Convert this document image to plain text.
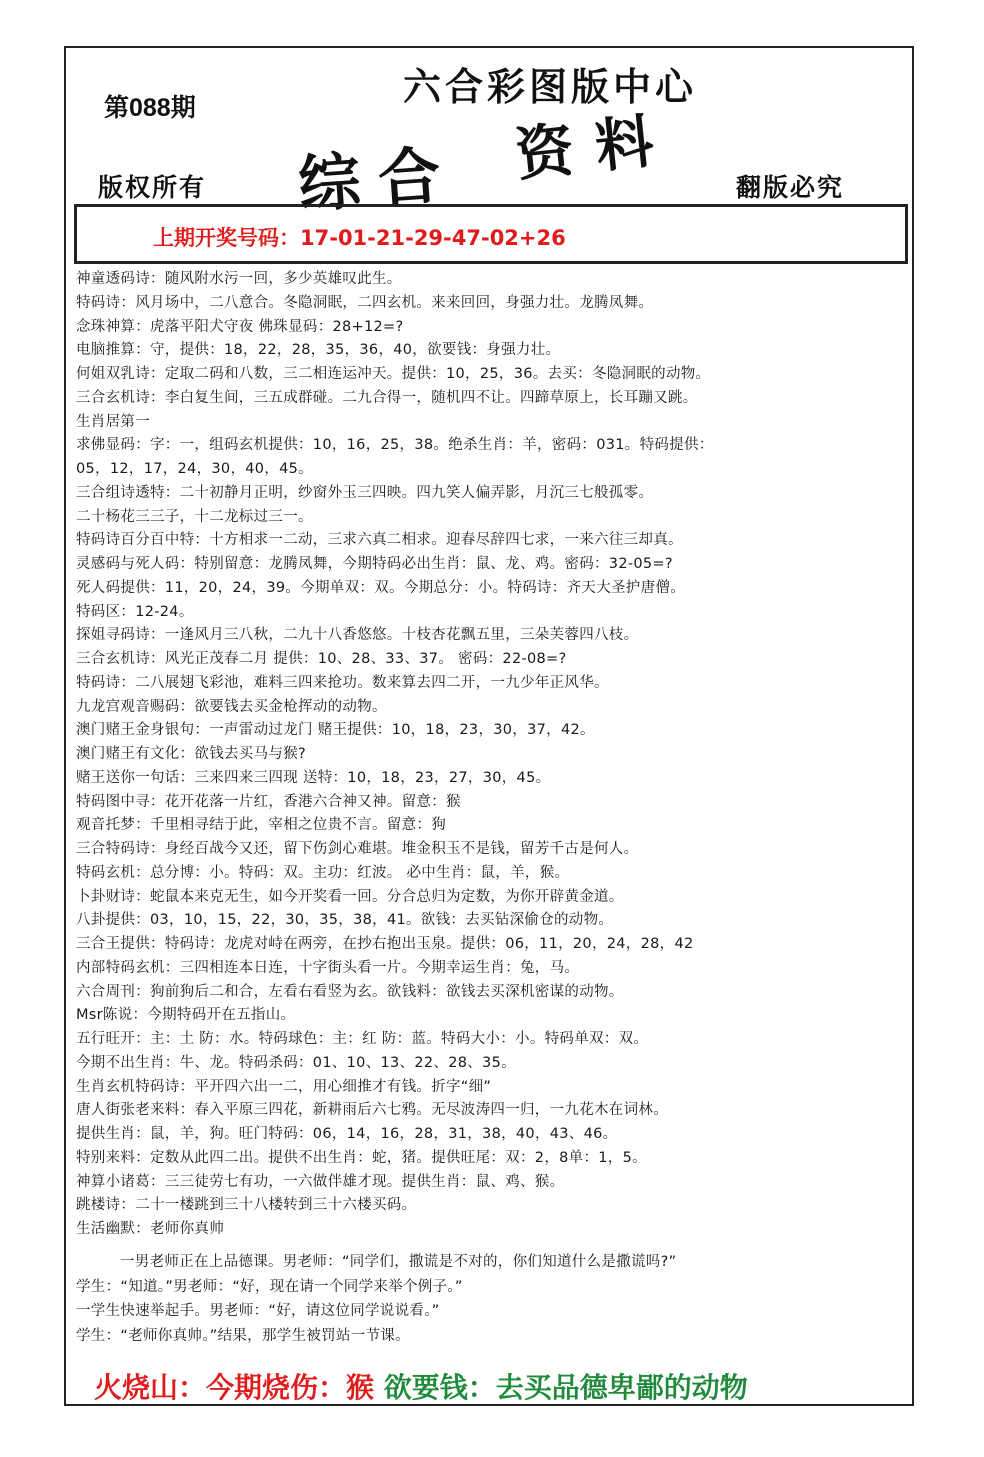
第088期	六合彩图版中心
综合 资料
版权所有	翻版必究
上期开奖号码：17-01-21-29-47-02+26
神童透码诗：随风附水污一回，多少英雄叹此生。
特码诗：风月场中，二八意合。冬隐洞眠，二四玄机。来来回回，身强力壮。龙腾凤舞。
念珠神算：虎落平阳犬守夜 佛珠显码：28+12=?
电脑推算：守，提供：18，22，28，35，36，40，欲要钱：身强力壮。
何姐双乳诗：定取二码和八数，三二相连运冲天。提供：10，25，36。去买：冬隐洞眠的动物。
三合玄机诗：李白复生间，三五成群碰。二九合得一，随机四不让。四蹄草原上，长耳蹦又跳。
生肖居第一
求佛显码：字：一，组码玄机提供：10，16，25，38。绝杀生肖：羊，密码：031。特码提供：
05，12，17，24，30，40，45。
三合组诗透特：二十初静月正明，纱窗外玉三四映。四九笑人偏弄影，月沉三七般孤零。
二十杨花三三子，十二龙标过三一。
特码诗百分百中特：十方相求一二动，三求六真二相求。迎春尽辞四七求，一来六往三却真。
灵感码与死人码：特别留意：龙腾凤舞，今期特码必出生肖：鼠、龙、鸡。密码：32-05=?
死人码提供：11，20，24，39。今期单双：双。今期总分：小。特码诗：齐天大圣护唐僧。
特码区：12-24。
探姐寻码诗：一逢风月三八秋，二九十八香悠悠。十枝杏花飘五里，三朵芙蓉四八枝。
三合玄机诗：风光正茂春二月 提供：10、28、33、37。 密码：22-08=?
特码诗：二八展翅飞彩池，难料三四来抢功。数来算去四二开，一九少年正风华。
九龙宫观音赐码：欲要钱去买金枪挥动的动物。
澳门赌王金身银句：一声雷动过龙门 赌王提供：10，18，23，30，37，42。
澳门赌王有文化：欲钱去买马与猴?
赌王送你一句话：三来四来三四现 送特：10，18，23，27，30，45。
特码图中寻：花开花落一片红，香港六合神又神。留意：猴
观音托梦：千里相寻结于此，宰相之位贵不言。留意：狗
三合特码诗：身经百战今又还，留下伤剑心难堪。堆金积玉不是钱，留芳千古是何人。
特码玄机：总分博：小。特码：双。主功：红波。 必中生肖：鼠，羊，猴。
卜卦财诗：蛇鼠本来克无生，如今开奖看一回。分合总归为定数，为你开辟黄金道。
八卦提供：03，10，15，22，30，35，38，41。欲钱：去买钻深偷仓的动物。
三合王提供：特码诗：龙虎对峙在两旁，在抄右抱出玉泉。提供：06，11，20，24，28，42
内部特码玄机：三四相连本日连，十字街头看一片。今期幸运生肖：兔，马。
六合周刊：狗前狗后二和合，左看右看竖为玄。欲钱料：欲钱去买深机密谋的动物。
Msr陈说：今期特码开在五指山。
五行旺开：主：土 防：水。特码球色：主：红 防：蓝。特码大小：小。特码单双：双。
今期不出生肖：牛、龙。特码杀码：01、10、13、22、28、35。
生肖玄机特码诗：平开四六出一二，用心细推才有钱。折字“细”
唐人街张老来料：春入平原三四花，新耕雨后六七鸦。无尽波涛四一归，一九花木在词林。
提供生肖：鼠，羊，狗。旺门特码：06，14，16，28，31，38，40，43、46。
特别来料：定数从此四二出。提供不出生肖：蛇，猪。提供旺尾：双：2，8单：1，5。
神算小诸葛：三三徒劳七有功，一六做伴雄才现。提供生肖：鼠、鸡、猴。
跳楼诗：二十一楼跳到三十八楼转到三十六楼买码。
生活幽默：老师你真帅
一男老师正在上品德课。男老师：“同学们，撒谎是不对的，你们知道什么是撒谎吗?”
学生：“知道。”男老师：“好，现在请一个同学来举个例子。”
一学生快速举起手。男老师：“好，请这位同学说说看。”
学生：“老师你真帅。”结果，那学生被罚站一节课。
火烧山：今期烧伤：猴 欲要钱：去买品德卑鄙的动物
